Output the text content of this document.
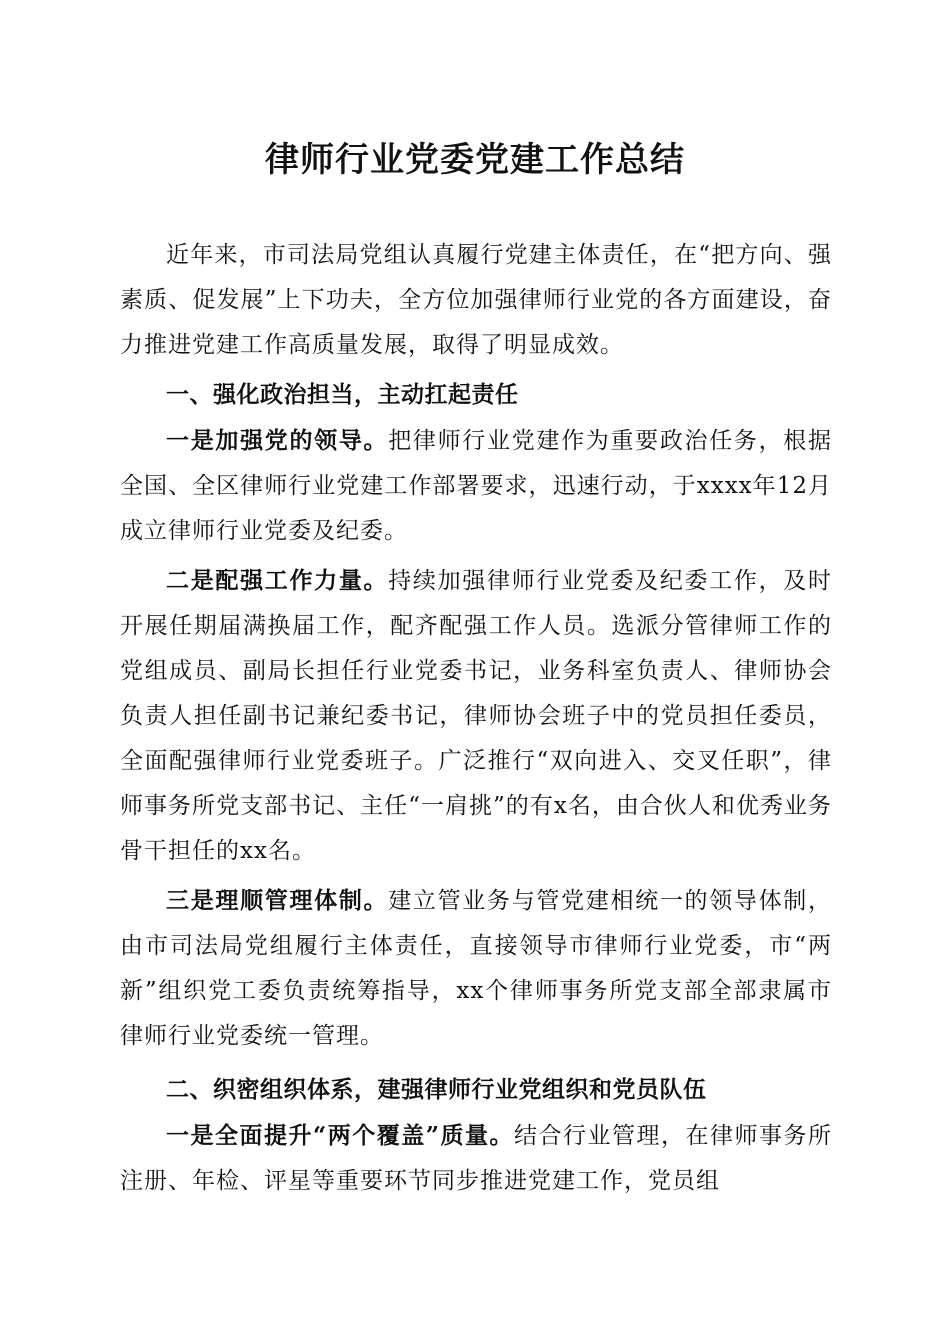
律师行业党委党建工作总结

近年来，市司法局党组认真履行党建主体责任，在“把方向、强素质、促发展”上下功夫，全方位加强律师行业党的各方面建设，奋力推进党建工作高质量发展，取得了明显成效。

一、强化政治担当，主动扛起责任

一是加强党的领导。把律师行业党建作为重要政治任务，根据全国、全区律师行业党建工作部署要求，迅速行动，于xxxx年12月成立律师行业党委及纪委。

二是配强工作力量。持续加强律师行业党委及纪委工作，及时开展任期届满换届工作，配齐配强工作人员。选派分管律师工作的党组成员、副局长担任行业党委书记，业务科室负责人、律师协会负责人担任副书记兼纪委书记，律师协会班子中的党员担任委员，全面配强律师行业党委班子。广泛推行“双向进入、交叉任职”，律师事务所党支部书记、主任“一肩挑”的有x名，由合伙人和优秀业务骨干担任的xx名。

三是理顺管理体制。建立管业务与管党建相统一的领导体制，由市司法局党组履行主体责任，直接领导市律师行业党委，市“两新”组织党工委负责统筹指导，xx个律师事务所党支部全部隶属市律师行业党委统一管理。

二、织密组织体系，建强律师行业党组织和党员队伍

一是全面提升“两个覆盖”质量。结合行业管理，在律师事务所注册、年检、评星等重要环节同步推进党建工作，党员组
